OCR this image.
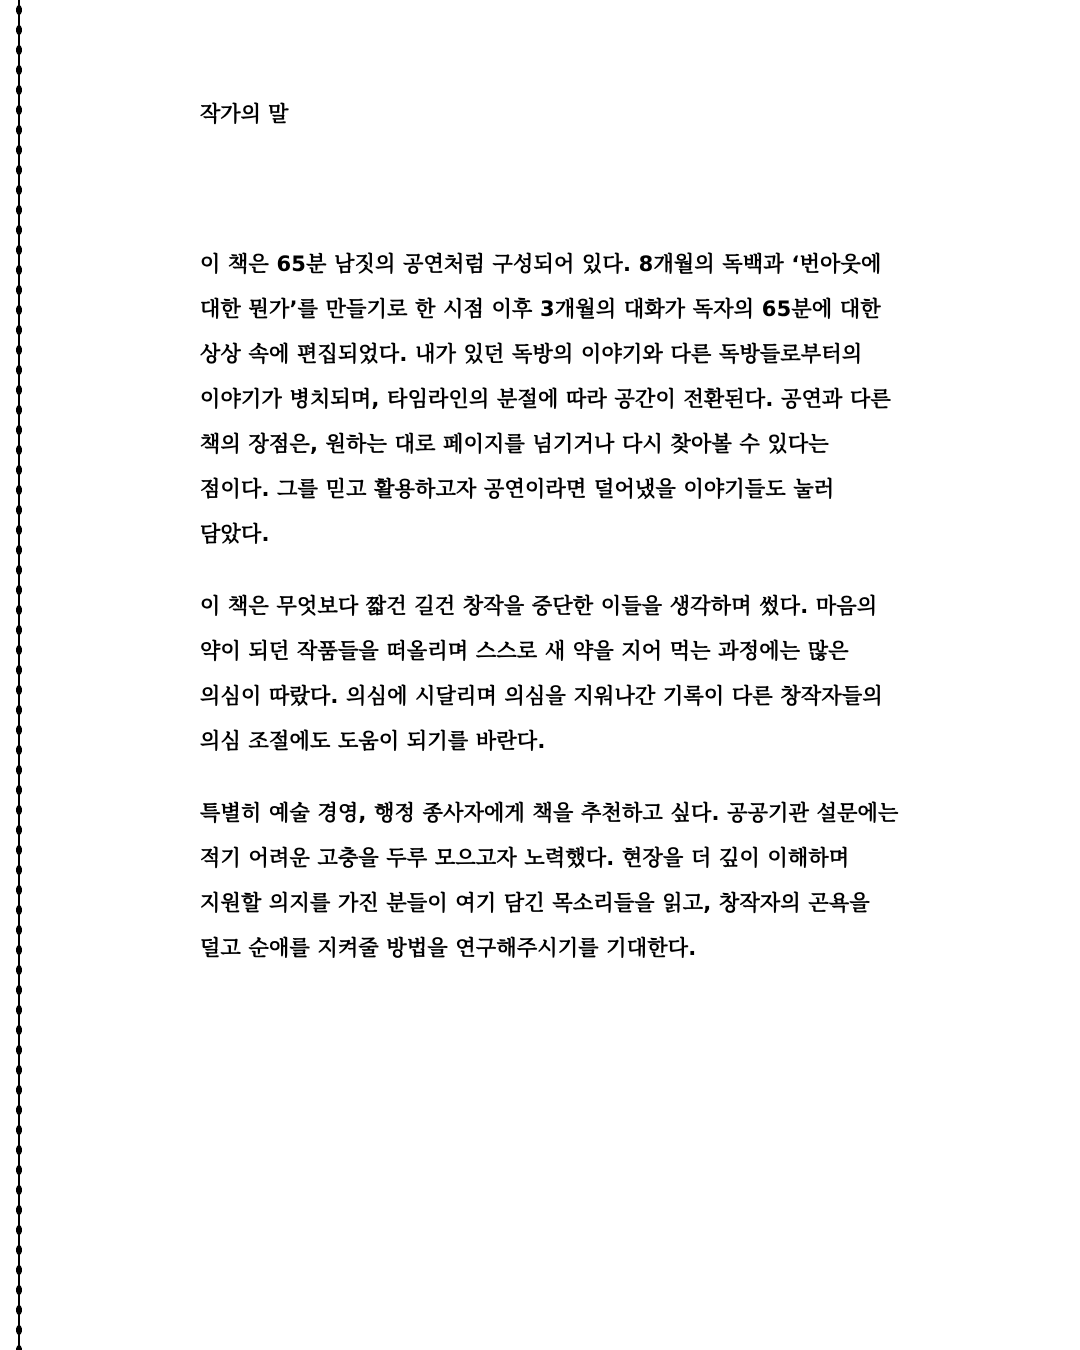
작가의 말

이 책은 65분 남짓의 공연처럼 구성되어 있다. 8개월의 독백과 ‘번아웃에
대한 뭔가’를 만들기로 한 시점 이후 3개월의 대화가 독자의 65분에 대한
상상 속에 편집되었다. 내가 있던 독방의 이야기와 다른 독방들로부터의
이야기가 병치되며, 타임라인의 분절에 따라 공간이 전환된다. 공연과 다른
책의 장점은, 원하는 대로 페이지를 넘기거나 다시 찾아볼 수 있다는
점이다. 그를 믿고 활용하고자 공연이라면 덜어냈을 이야기들도 눌러
담았다.

이 책은 무엇보다 짧건 길건 창작을 중단한 이들을 생각하며 썼다. 마음의
약이 되던 작품들을 떠올리며 스스로 새 약을 지어 먹는 과정에는 많은
의심이 따랐다. 의심에 시달리며 의심을 지워나간 기록이 다른 창작자들의
의심 조절에도 도움이 되기를 바란다.

특별히 예술 경영, 행정 종사자에게 책을 추천하고 싶다. 공공기관 설문에는
적기 어려운 고충을 두루 모으고자 노력했다. 현장을 더 깊이 이해하며
지원할 의지를 가진 분들이 여기 담긴 목소리들을 읽고, 창작자의 곤욕을
덜고 순애를 지켜줄 방법을 연구해주시기를 기대한다.
